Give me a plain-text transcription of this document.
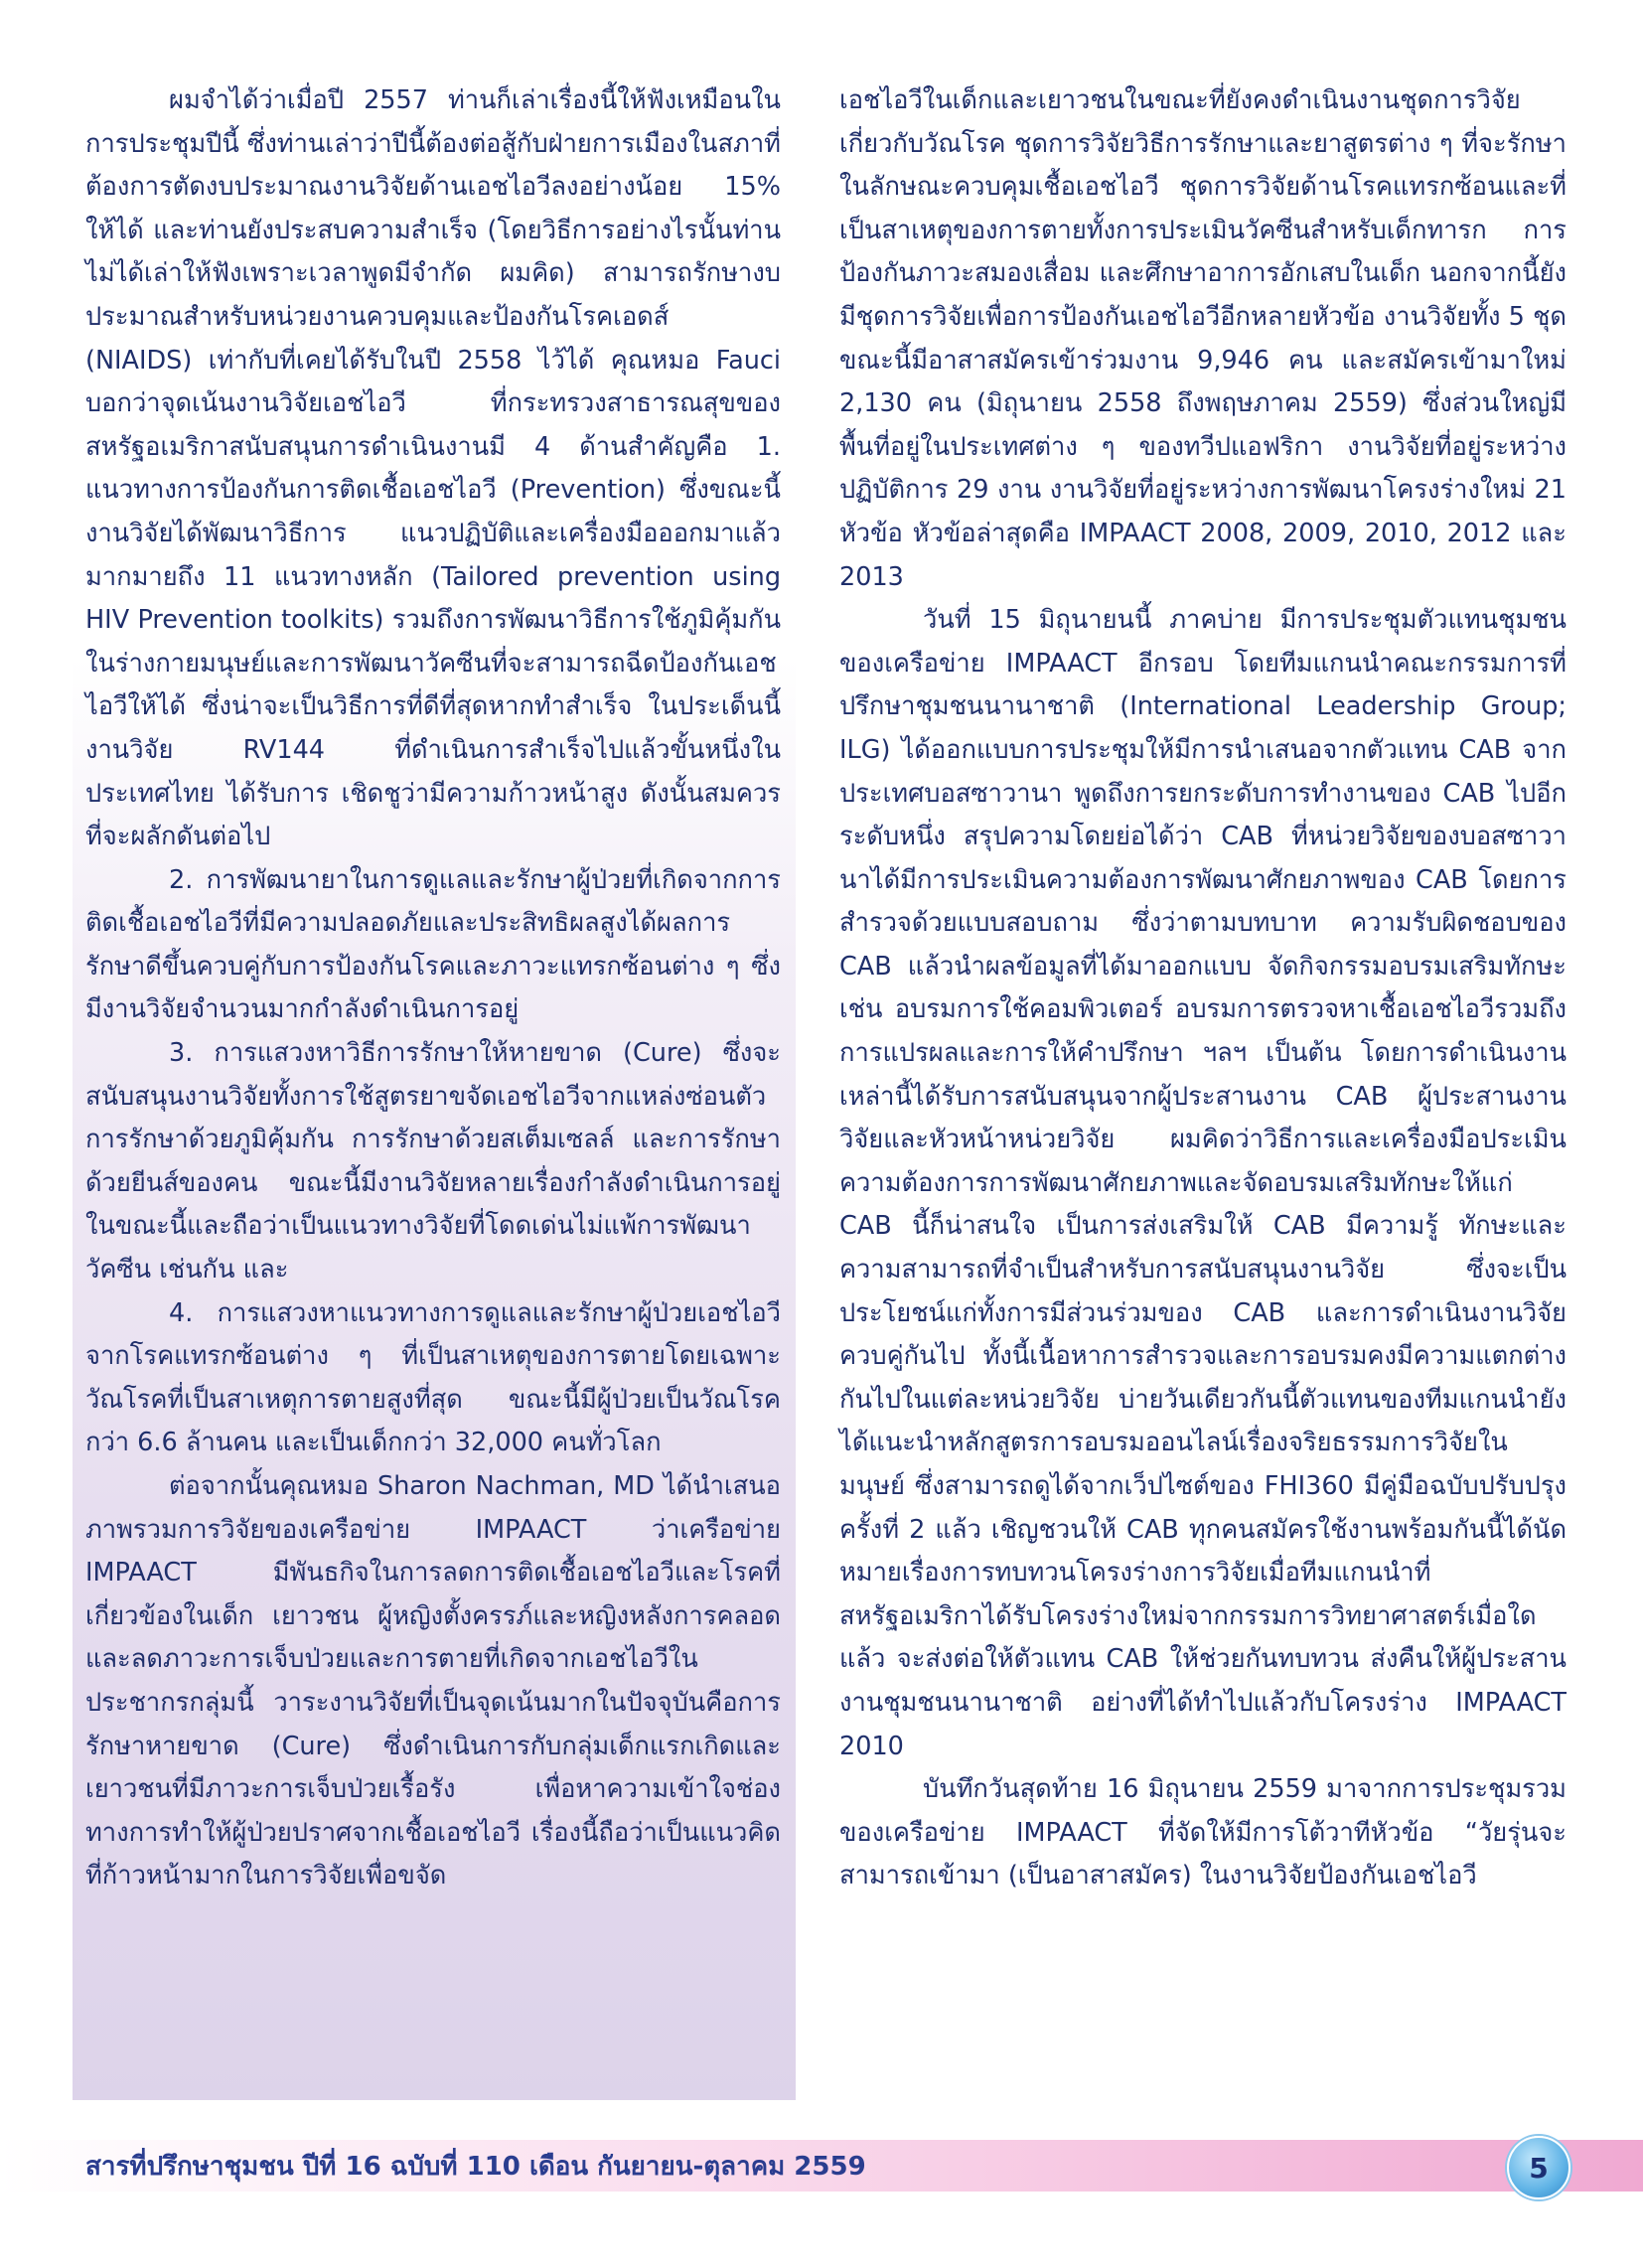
ผมจำได้ว่าเมื่อปี 2557 ท่านก็เล่าเรื่องนี้ให้ฟังเหมือนในการประชุมปีนี้ ซึ่งท่านเล่าว่าปีนี้ต้องต่อสู้กับฝ่ายการเมืองในสภาที่ต้องการตัดงบประมาณงานวิจัยด้านเอชไอวีลงอย่างน้อย 15% ให้ได้ และท่านยังประสบความสำเร็จ (โดยวิธีการอย่างไรนั้นท่านไม่ได้เล่าให้ฟังเพราะเวลาพูดมีจำกัด ผมคิด) สามารถรักษางบประมาณสำหรับหน่วยงานควบคุมและป้องกันโรคเอดส์ (NIAIDS) เท่ากับที่เคยได้รับในปี 2558 ไว้ได้ คุณหมอ Fauci บอกว่าจุดเน้นงานวิจัยเอชไอวี ที่กระทรวงสาธารณสุขของสหรัฐอเมริกาสนับสนุนการดำเนินงานมี 4 ด้านสำคัญคือ 1. แนวทางการป้องกันการติดเชื้อเอชไอวี (Prevention) ซึ่งขณะนี้งานวิจัยได้พัฒนาวิธีการ แนวปฏิบัติและเครื่องมือออกมาแล้วมากมายถึง 11 แนวทางหลัก (Tailored prevention using HIV Prevention toolkits) รวมถึงการพัฒนาวิธีการใช้ภูมิคุ้มกันในร่างกายมนุษย์และการพัฒนาวัคซีนที่จะสามารถฉีดป้องกันเอชไอวีให้ได้ ซึ่งน่าจะเป็นวิธีการที่ดีที่สุดหากทำสำเร็จ ในประเด็นนี้งานวิจัย RV144 ที่ดำเนินการสำเร็จไปแล้วขั้นหนึ่งในประเทศไทย ได้รับการ เชิดชูว่ามีความก้าวหน้าสูง ดังนั้นสมควรที่จะผลักดันต่อไป

2. การพัฒนายาในการดูแลและรักษาผู้ป่วยที่เกิดจากการติดเชื้อเอชไอวีที่มีความปลอดภัยและประสิทธิผลสูงได้ผลการรักษาดีขึ้นควบคู่กับการป้องกันโรคและภาวะแทรกซ้อนต่าง ๆ ซึ่งมีงานวิจัยจำนวนมากกำลังดำเนินการอยู่

3. การแสวงหาวิธีการรักษาให้หายขาด (Cure) ซึ่งจะสนับสนุนงานวิจัยทั้งการใช้สูตรยาขจัดเอชไอวีจากแหล่งซ่อนตัว การรักษาด้วยภูมิคุ้มกัน การรักษาด้วยสเต็มเซลล์ และการรักษาด้วยยีนส์ของคน ขณะนี้มีงานวิจัยหลายเรื่องกำลังดำเนินการอยู่ในขณะนี้และถือว่าเป็นแนวทางวิจัยที่โดดเด่นไม่แพ้การพัฒนาวัคซีน เช่นกัน และ

4. การแสวงหาแนวทางการดูแลและรักษาผู้ป่วยเอชไอวีจากโรคแทรกซ้อนต่าง ๆ ที่เป็นสาเหตุของการตายโดยเฉพาะวัณโรคที่เป็นสาเหตุการตายสูงที่สุด ขณะนี้มีผู้ป่วยเป็นวัณโรคกว่า 6.6 ล้านคน และเป็นเด็กกว่า 32,000 คนทั่วโลก

ต่อจากนั้นคุณหมอ Sharon Nachman, MD ได้นำเสนอภาพรวมการวิจัยของเครือข่าย IMPAACT ว่าเครือข่าย IMPAACT มีพันธกิจในการลดการติดเชื้อเอชไอวีและโรคที่เกี่ยวข้องในเด็ก เยาวชน ผู้หญิงตั้งครรภ์และหญิงหลังการคลอดและลดภาวะการเจ็บป่วยและการตายที่เกิดจากเอชไอวีในประชากรกลุ่มนี้ วาระงานวิจัยที่เป็นจุดเน้นมากในปัจจุบันคือการรักษาหายขาด (Cure) ซึ่งดำเนินการกับกลุ่มเด็กแรกเกิดและเยาวชนที่มีภาวะการเจ็บป่วยเรื้อรัง เพื่อหาความเข้าใจช่องทางการทำให้ผู้ป่วยปราศจากเชื้อเอชไอวี เรื่องนี้ถือว่าเป็นแนวคิดที่ก้าวหน้ามากในการวิจัยเพื่อขจัด

เอชไอวีในเด็กและเยาวชนในขณะที่ยังคงดำเนินงานชุดการวิจัยเกี่ยวกับวัณโรค ชุดการวิจัยวิธีการรักษาและยาสูตรต่าง ๆ ที่จะรักษาในลักษณะควบคุมเชื้อเอชไอวี ชุดการวิจัยด้านโรคแทรกซ้อนและที่เป็นสาเหตุของการตายทั้งการประเมินวัคซีนสำหรับเด็กทารก การป้องกันภาวะสมองเสื่อม และศึกษาอาการอักเสบในเด็ก นอกจากนี้ยังมีชุดการวิจัยเพื่อการป้องกันเอชไอวีอีกหลายหัวข้อ งานวิจัยทั้ง 5 ชุดขณะนี้มีอาสาสมัครเข้าร่วมงาน 9,946 คน และสมัครเข้ามาใหม่ 2,130 คน (มิถุนายน 2558 ถึงพฤษภาคม 2559) ซึ่งส่วนใหญ่มีพื้นที่อยู่ในประเทศต่าง ๆ ของทวีปแอฟริกา งานวิจัยที่อยู่ระหว่างปฏิบัติการ 29 งาน งานวิจัยที่อยู่ระหว่างการพัฒนาโครงร่างใหม่ 21 หัวข้อ หัวข้อล่าสุดคือ IMPAACT 2008, 2009, 2010, 2012 และ 2013

วันที่ 15 มิถุนายนนี้ ภาคบ่าย มีการประชุมตัวแทนชุมชนของเครือข่าย IMPAACT อีกรอบ โดยทีมแกนนำคณะกรรมการที่ปรึกษาชุมชนนานาชาติ (International Leadership Group; ILG) ได้ออกแบบการประชุมให้มีการนำเสนอจากตัวแทน CAB จากประเทศบอสซาวานา พูดถึงการยกระดับการทำงานของ CAB ไปอีกระดับหนึ่ง สรุปความโดยย่อได้ว่า CAB ที่หน่วยวิจัยของบอสซาวานาได้มีการประเมินความต้องการพัฒนาศักยภาพของ CAB โดยการสำรวจด้วยแบบสอบถาม ซึ่งว่าตามบทบาท ความรับผิดชอบของ CAB แล้วนำผลข้อมูลที่ได้มาออกแบบ จัดกิจกรรมอบรมเสริมทักษะ เช่น อบรมการใช้คอมพิวเตอร์ อบรมการตรวจหาเชื้อเอชไอวีรวมถึงการแปรผลและการให้คำปรึกษา ฯลฯ เป็นต้น โดยการดำเนินงานเหล่านี้ได้รับการสนับสนุนจากผู้ประสานงาน CAB ผู้ประสานงานวิจัยและหัวหน้าหน่วยวิจัย ผมคิดว่าวิธีการและเครื่องมือประเมินความต้องการการพัฒนาศักยภาพและจัดอบรมเสริมทักษะให้แก่ CAB นี้ก็น่าสนใจ เป็นการส่งเสริมให้ CAB มีความรู้ ทักษะและความสามารถที่จำเป็นสำหรับการสนับสนุนงานวิจัย ซึ่งจะเป็นประโยชน์แก่ทั้งการมีส่วนร่วมของ CAB และการดำเนินงานวิจัยควบคู่กันไป ทั้งนี้เนื้อหาการสำรวจและการอบรมคงมีความแตกต่างกันไปในแต่ละหน่วยวิจัย บ่ายวันเดียวกันนี้ตัวแทนของทีมแกนนำยังได้แนะนำหลักสูตรการอบรมออนไลน์เรื่องจริยธรรมการวิจัยในมนุษย์ ซึ่งสามารถดูได้จากเว็ปไซต์ของ FHI360 มีคู่มือฉบับปรับปรุงครั้งที่ 2 แล้ว เชิญชวนให้ CAB ทุกคนสมัครใช้งานพร้อมกันนี้ได้นัดหมายเรื่องการทบทวนโครงร่างการวิจัยเมื่อทีมแกนนำที่สหรัฐอเมริกาได้รับโครงร่างใหม่จากกรรมการวิทยาศาสตร์เมื่อใดแล้ว จะส่งต่อให้ตัวแทน CAB ให้ช่วยกันทบทวน ส่งคืนให้ผู้ประสานงานชุมชนนานาชาติ อย่างที่ได้ทำไปแล้วกับโครงร่าง IMPAACT 2010

บันทึกวันสุดท้าย 16 มิถุนายน 2559 มาจากการประชุมรวมของเครือข่าย IMPAACT ที่จัดให้มีการโต้วาทีหัวข้อ “วัยรุ่นจะสามารถเข้ามา (เป็นอาสาสมัคร) ในงานวิจัยป้องกันเอชไอวี

สารที่ปรึกษาชุมชน ปีที่ 16 ฉบับที่ 110 เดือน กันยายน-ตุลาคม 2559	5
